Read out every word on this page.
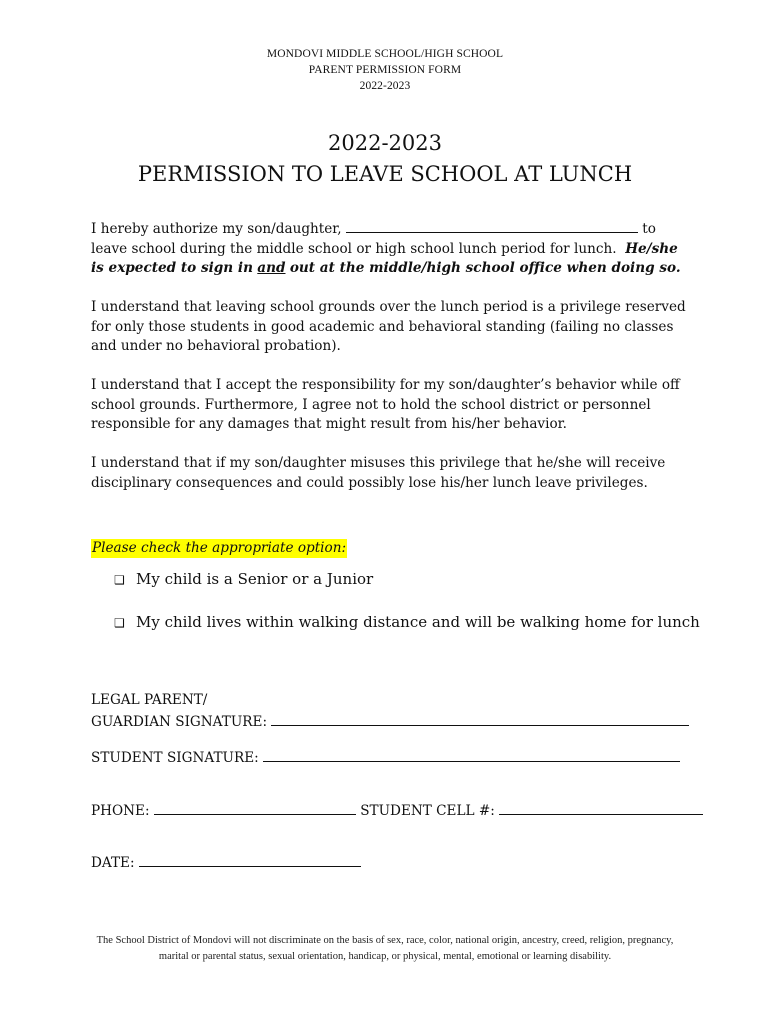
MONDOVI MIDDLE SCHOOL/HIGH SCHOOL
PARENT PERMISSION FORM
2022-2023
2022-2023
PERMISSION TO LEAVE SCHOOL AT LUNCH

I hereby authorize my son/daughter,	to leave school during the middle school or high school lunch period for lunch. He/she is expected to sign in and out at the middle/high school office when doing so.

I understand that leaving school grounds over the lunch period is a privilege reserved for only those students in good academic and behavioral standing (failing no classes and under no behavioral probation).

I understand that I accept the responsibility for my son/daughter’s behavior while off school grounds. Furthermore, I agree not to hold the school district or personnel responsible for any damages that might result from his/her behavior.

I understand that if my son/daughter misuses this privilege that he/she will receive disciplinary consequences and could possibly lose his/her lunch leave privileges.

Please check the appropriate option:
❑ My child is a Senior or a Junior
❑ My child lives within walking distance and will be walking home for lunch
LEGAL PARENT/
GUARDIAN SIGNATURE:
STUDENT SIGNATURE:
PHONE:	STUDENT CELL #:
DATE:
The School District of Mondovi will not discriminate on the basis of sex, race, color, national origin, ancestry, creed, religion, pregnancy,
marital or parental status, sexual orientation, handicap, or physical, mental, emotional or learning disability.
